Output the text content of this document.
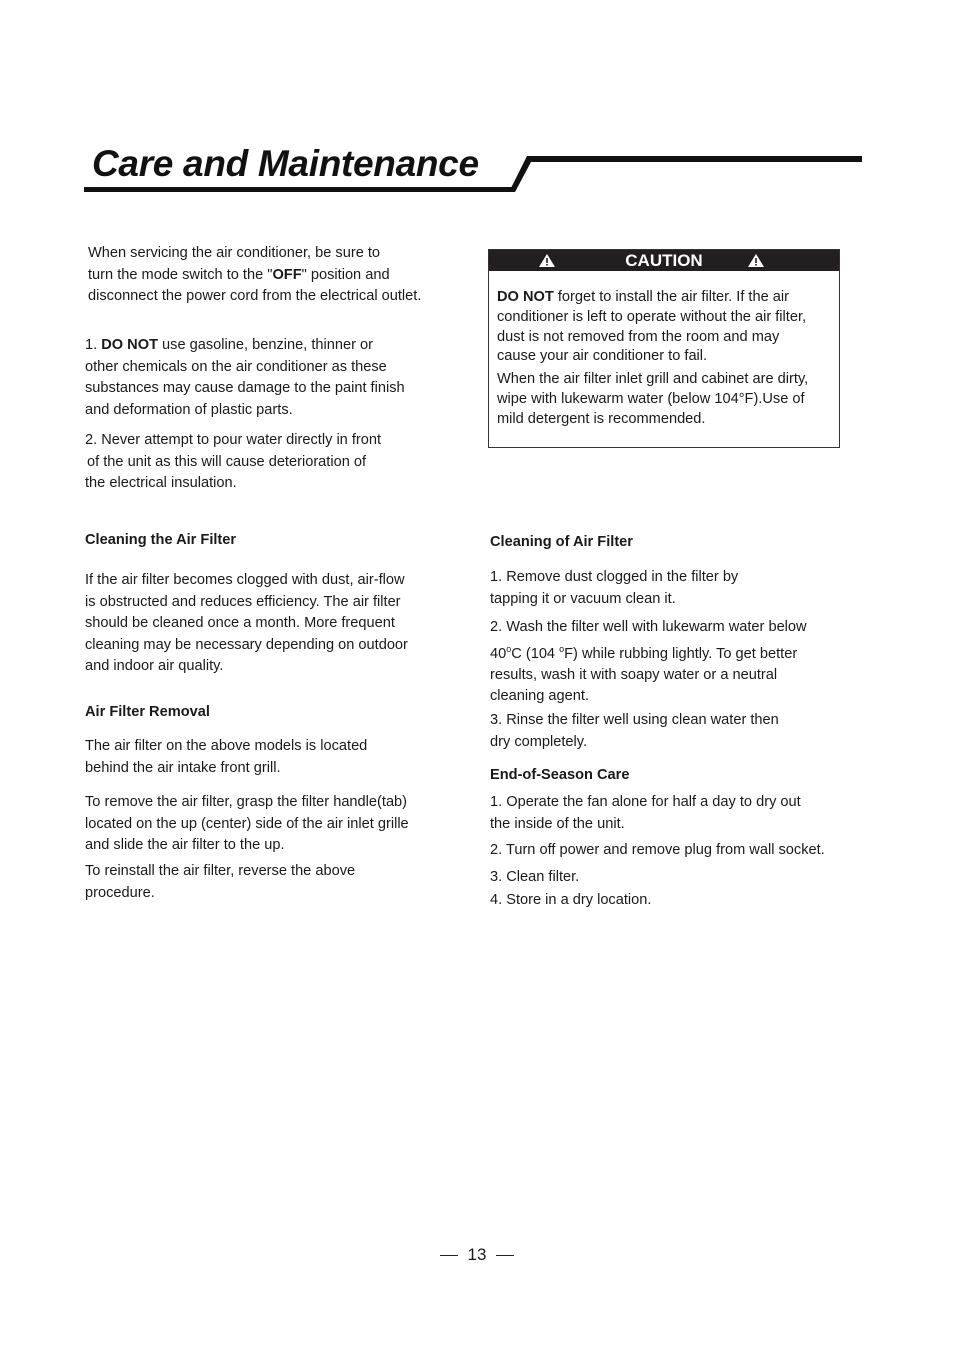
Care and Maintenance

When servicing the air conditioner, be sure to

turn the mode switch to the "OFF" position and

disconnect the power cord from the electrical outlet.

1. DO NOT use gasoline, benzine, thinner or

other chemicals on the air conditioner as these

substances may cause damage to the paint finish

and deformation of plastic parts.

2. Never attempt to pour water directly in front

of the unit as this will cause deterioration of

the electrical insulation.

CAUTION

DO NOT forget to install the air filter. If the air

conditioner is left to operate without the air filter,

dust is not removed from the room and may

cause your air conditioner to fail.

When the air filter inlet grill and cabinet are dirty,

wipe with lukewarm water (below 104°F).Use of

mild detergent is recommended.

Cleaning the Air Filter

If the air filter becomes clogged with dust, air-flow

is obstructed and reduces efficiency. The air filter

should be cleaned once a month. More frequent

cleaning may be necessary depending on outdoor

and indoor air quality.

Air Filter Removal

The air filter on the above models is located

behind the air intake front grill.

To remove the air filter, grasp the filter handle(tab)

located on the up (center) side of the air inlet grille

and slide the air filter to the up.

To reinstall the air filter, reverse the above

procedure.

Cleaning of Air Filter

1. Remove dust clogged in the filter by

tapping it or vacuum clean it.

2. Wash the filter well with lukewarm water below

40$^o$C (104 $^o$F) while rubbing lightly. To get better

results, wash it with soapy water or a neutral

cleaning agent.

3. Rinse the filter well using clean water then

dry completely.

End-of-Season Care

1. Operate the fan alone for half a day to dry out

the inside of the unit.

2. Turn off power and remove plug from wall socket.

3. Clean filter.

4. Store in a dry location.

13
